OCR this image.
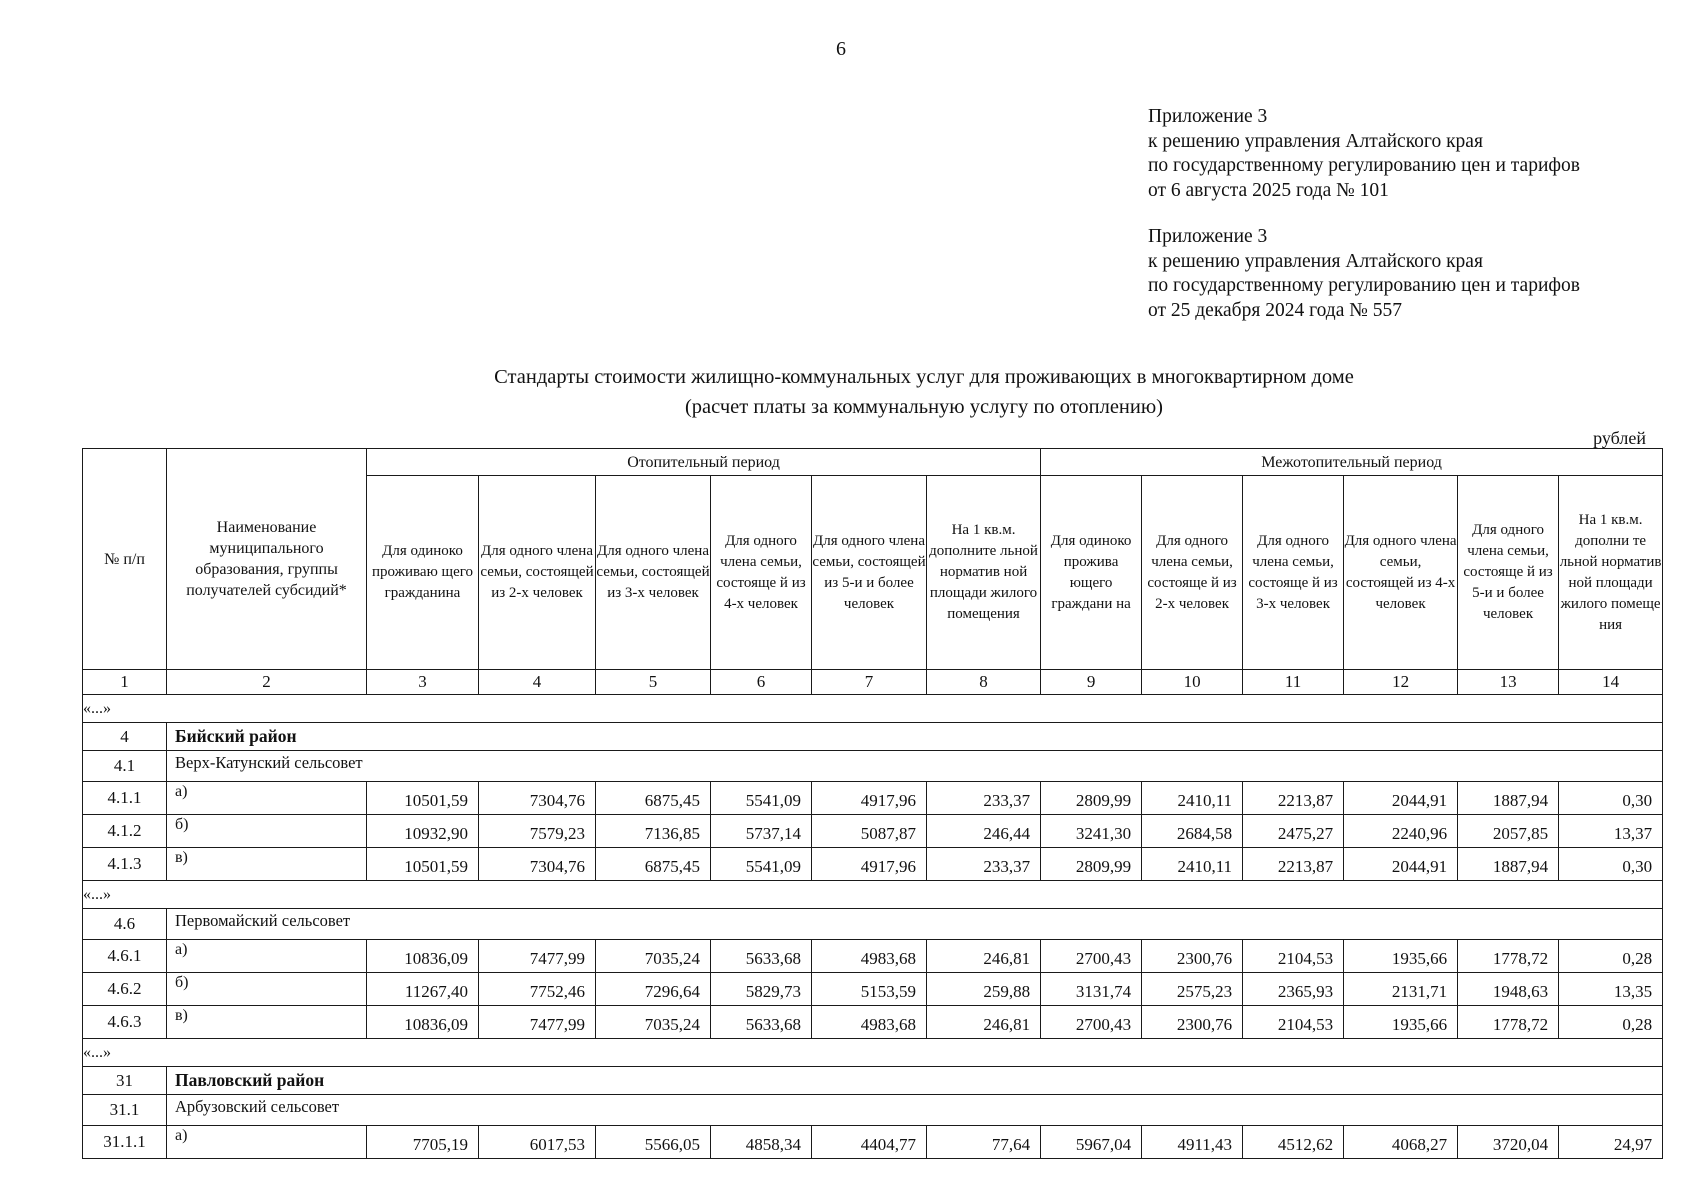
6
Приложение 3
к решению управления Алтайского края
по государственному регулированию цен и тарифов
от 6 августа 2025 года № 101
Приложение 3
к решению управления Алтайского края
по государственному регулированию цен и тарифов
от 25 декабря 2024 года № 557
Стандарты стоимости жилищно-коммунальных услуг для проживающих в многоквартирном доме
(расчет платы за коммунальную услугу по отоплению)
рублей
№ п/п	Наименование муниципального образования, группы получателей субсидий*	Отопительный период						Межотопительный период					
		Для одиноко проживаю щего гражданина	Для одного члена семьи, состоящей из 2-х человек	Для одного члена семьи, состоящей из 3-х человек	Для одного члена семьи, состояще й из 4-х человек	Для одного члена семьи, состоящей из 5-и и более человек	На 1 кв.м. дополните льной норматив ной площади жилого помещения	Для одиноко прожива ющего граждани на	Для одного члена семьи, состояще й из 2-х человек	Для одного члена семьи, состояще й из 3-х человек	Для одного члена семьи, состоящей из 4-х человек	Для одного члена семьи, состояще й из 5-и и более человек	На 1 кв.м. дополни те льной норматив ной площади жилого помеще ния
1	2	3	4	5	6	7	8	9	10	11	12	13	14
«...»													
4	Бийский район												
4.1	Верх-Катунский сельсовет												
4.1.1	а)	10501,59	7304,76	6875,45	5541,09	4917,96	233,37	2809,99	2410,11	2213,87	2044,91	1887,94	0,30
4.1.2	б)	10932,90	7579,23	7136,85	5737,14	5087,87	246,44	3241,30	2684,58	2475,27	2240,96	2057,85	13,37
4.1.3	в)	10501,59	7304,76	6875,45	5541,09	4917,96	233,37	2809,99	2410,11	2213,87	2044,91	1887,94	0,30
«...»													
4.6	Первомайский сельсовет												
4.6.1	а)	10836,09	7477,99	7035,24	5633,68	4983,68	246,81	2700,43	2300,76	2104,53	1935,66	1778,72	0,28
4.6.2	б)	11267,40	7752,46	7296,64	5829,73	5153,59	259,88	3131,74	2575,23	2365,93	2131,71	1948,63	13,35
4.6.3	в)	10836,09	7477,99	7035,24	5633,68	4983,68	246,81	2700,43	2300,76	2104,53	1935,66	1778,72	0,28
«...»													
31	Павловский район												
31.1	Арбузовский сельсовет												
31.1.1	а)	7705,19	6017,53	5566,05	4858,34	4404,77	77,64	5967,04	4911,43	4512,62	4068,27	3720,04	24,97
